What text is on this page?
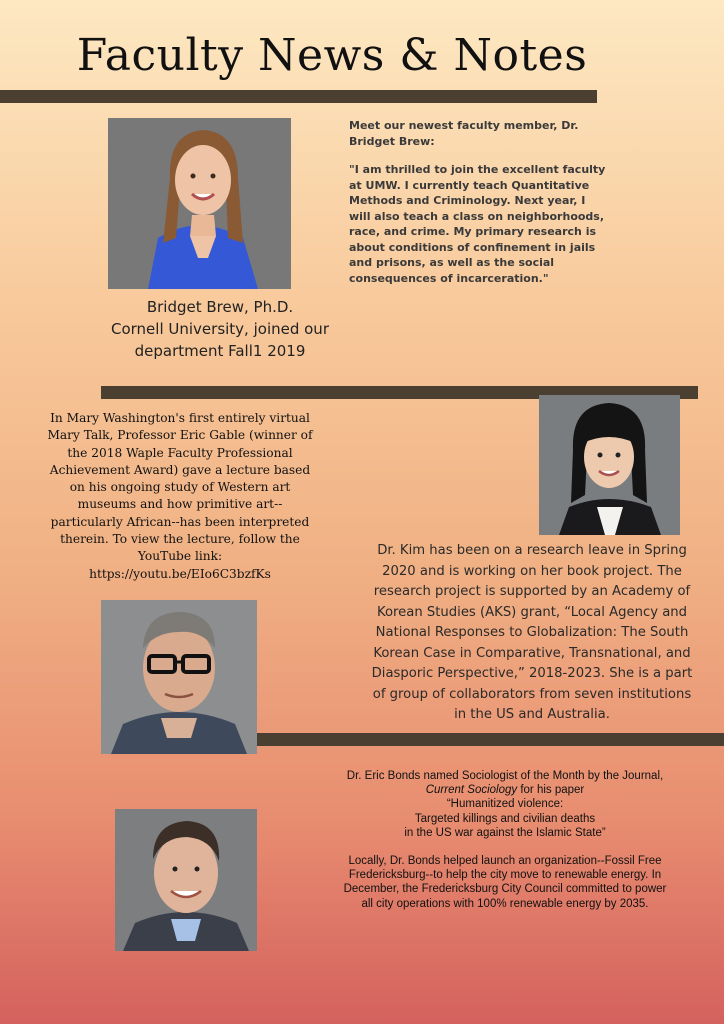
Faculty News & Notes
Bridget Brew, Ph.D.
Cornell University, joined our
department Fall1 2019
Meet our newest faculty member, Dr.
Bridget Brew:
"I am thrilled to join the excellent faculty
at UMW. I currently teach Quantitative
Methods and Criminology. Next year, I
will also teach a class on neighborhoods,
race, and crime. My primary research is
about conditions of confinement in jails
and prisons, as well as the social
consequences of incarceration."
In Mary Washington's first entirely virtual
Mary Talk, Professor Eric Gable (winner of
the 2018 Waple Faculty Professional
Achievement Award) gave a lecture based
on his ongoing study of Western art
museums and how primitive art--
particularly African--has been interpreted
therein. To view the lecture, follow the
YouTube link:
https://youtu.be/EIo6C3bzfKs
Dr. Kim has been on a research leave in Spring
2020 and is working on her book project. The
research project is supported by an Academy of
Korean Studies (AKS) grant, “Local Agency and
National Responses to Globalization: The South
Korean Case in Comparative, Transnational, and
Diasporic Perspective,” 2018-2023. She is a part
of group of collaborators from seven institutions
in the US and Australia.
Dr. Eric Bonds named Sociologist of the Month by the Journal,
Current Sociology for his paper
“Humanitized violence:
Targeted killings and civilian deaths
in the US war against the Islamic State”
Locally, Dr. Bonds helped launch an organization--Fossil Free
Fredericksburg--to help the city move to renewable energy. In
December, the Fredericksburg City Council committed to power
all city operations with 100% renewable energy by 2035.
